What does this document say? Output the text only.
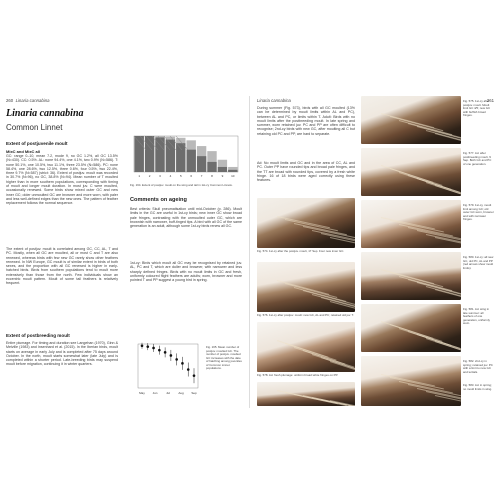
260 Linaria cannabina
Linaria cannabina
Common Linnet
Extent of postjuvenile moult
MixC and MixC all
GC: range 0–10, mean 7.2, mode 9, no GC 1.2%, all GC 13.5% (N=430). CC: 0.5%. AL: none 94.4%, one 4.1%, two 0.9% (N=586). T: none 50.1%, one 10.5%, two 11.1%, three 23.5% (N=586). PC: none 58.4%, one 28.6%, two 12.5%, three 0.6%, four 0.5%, two 22.4%, three 9.7% (N=587) (strict: 36). Extent of postjuv. moult was recorded in 30.7% (N=96), no GC, 38.8% (N=94). Mean number of T moulted higher than in more southern populations, corresponding with timing of moult and longer moult duration. In most juv. C were moulted, occasionally renewed. Some birds show mixed outer GC and new inner GC; older unmoulted GC are browner and more worn, with paler and less well-defined edges than the new ones. The pattern of feather replacement follows the normal sequence.
The extent of postjuv. moult is correlated among GC, CC, AL, T and PC. Mostly, when all GC are moulted, all or most C and T are also renewed, whereas birds with few new GC rarely show other feathers renewed. In NW Europe, GC moult is of similar extent in birds of both sexes, and the proportion with all GC renewed is higher in early-hatched birds. Birds from southern populations tend to moult more extensively than those from the north. Few individuals show an eccentric moult pattern. Moult of some tail feathers is relatively frequent.
Extent of postbreeding moult
Entire plumage. For timing and duration see Langehan (1970), Ginn & Melville (1983) and Insenhard et al. (2015). In the Iberian birds, moult starts on average in early July and is completed after 75 days around October. In the north, moult starts somewhat later (late July) and is completed within a shorter period. Late-breeding birds may suspend moult before migration, continuing it in winter quarters.
1	2	3	4	5	6	7	8	9	10
Fig. 164. Extent of postjuv. moult on the wing and tail in 1st-cy Common Linnets.
Comments on ageing
Best criteria: Skull pneumatisation until mid-October (p. 286). Moult limits in the GC are useful in 1st-cy birds; new inner GC show broad pale fringes, contrasting with the unmoulted outer GC, which are brownish with narrower, buff-tinged tips. A bird with all GC of the same generation is an adult, although some 1st-cy birds renew all GC.
1st-cy: Birds which moult all GC may be recognised by retained juv. AL, PC and T, which are duller and browner, with narrower and less sharply defined fringes. Birds with no moult limits in GC and fresh, uniformly coloured flight feathers are adults; worn, browner and more pointed T and PP suggest a young bird in spring.
May	Jun	Jul	Aug	Sep
Fig. 165. Mean number of postjuv. moulted GC. The number of postjuv. moulted GC increases with the date of hatching among juveniles of Common Linnet populations.
Linaria cannabina	261
During summer (Fig. 573), birds with all GC moulted (13% can be determined by moult limits within AL and PC), between AL and PC, or limits within T. Adult: Birds with no moult limits after the postbreeding moult. In late spring and summer, worn retained juv. PC and PP are often difficult to recognise; 2nd-cy birds with new GC, after moulting all C but retaining old PC and PP, are hard to separate.
Ad: No moult limits and GC and in the area of CC, AL and PC. Outer PP have rounded tips and broad pale fringes, and the TT are broad with rounded tips, covered by a fresh white fringe. 16 of 18 birds were aged correctly using these features.
Fig. 574. 1st-cy after the postjuv. moult, 17 Sep. Four new inner GC.
Fig. 576. 1st-cy after postjuv. moult: new GC, AL and PC; retained old juv. T.
Fig. 578. Ad. fresh plumage: uniform broad white fringes on PP.
Fig. 575. 1st-cy after postjuv. moult. Moult limit GC 4/5; new GC with buffish broad fringes.
Fig. 577. Ad. after postbreeding moult, 9 Sep. Both GC and PC of one generation.
Fig. 579. 1st-cy, moult limit among GC; old outer GC worn, browner and with narrower fringes.
Fig. 580. 1st-cy: all new GC, old PC, AL and PP (red arrows show moult limits).
Fig. 581. Ad. wing in late summer: all feathers of one generation, uniformly worn.
Fig. 582. 2nd-cy in spring; retained juv. PC with a limit to new GC and tertials.
Fig. 583. Ad. in spring; no moult limits in wing.
